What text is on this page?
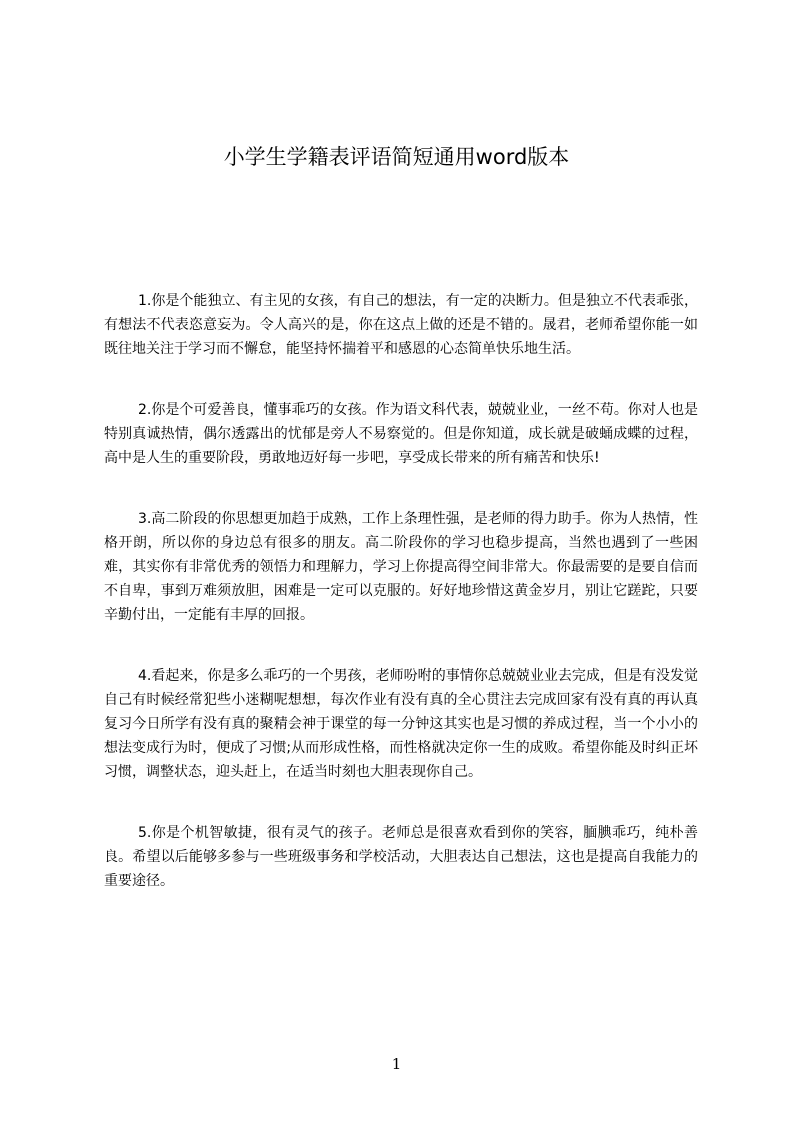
小学生学籍表评语简短通用word版本

1.你是个能独立、有主见的女孩，有自己的想法，有一定的决断力。但是独立不代表乖张，有想法不代表恣意妄为。令人高兴的是，你在这点上做的还是不错的。晟君，老师希望你能一如既往地关注于学习而不懈怠，能坚持怀揣着平和感恩的心态简单快乐地生活。

2.你是个可爱善良，懂事乖巧的女孩。作为语文科代表，兢兢业业，一丝不苟。你对人也是特别真诚热情，偶尔透露出的忧郁是旁人不易察觉的。但是你知道，成长就是破蛹成蝶的过程，高中是人生的重要阶段，勇敢地迈好每一步吧，享受成长带来的所有痛苦和快乐!

3.高二阶段的你思想更加趋于成熟，工作上条理性强，是老师的得力助手。你为人热情，性格开朗，所以你的身边总有很多的朋友。高二阶段你的学习也稳步提高，当然也遇到了一些困难，其实你有非常优秀的领悟力和理解力，学习上你提高得空间非常大。你最需要的是要自信而不自卑，事到万难须放胆，困难是一定可以克服的。好好地珍惜这黄金岁月，别让它蹉跎，只要辛勤付出，一定能有丰厚的回报。

4.看起来，你是多么乖巧的一个男孩，老师吩咐的事情你总兢兢业业去完成，但是有没发觉自己有时候经常犯些小迷糊呢想想，每次作业有没有真的全心贯注去完成回家有没有真的再认真复习今日所学有没有真的聚精会神于课堂的每一分钟这其实也是习惯的养成过程，当一个小小的想法变成行为时，便成了习惯;从而形成性格，而性格就决定你一生的成败。希望你能及时纠正坏习惯，调整状态，迎头赶上，在适当时刻也大胆表现你自己。

5.你是个机智敏捷，很有灵气的孩子。老师总是很喜欢看到你的笑容，腼腆乖巧，纯朴善良。希望以后能够多参与一些班级事务和学校活动，大胆表达自己想法，这也是提高自我能力的重要途径。

1
